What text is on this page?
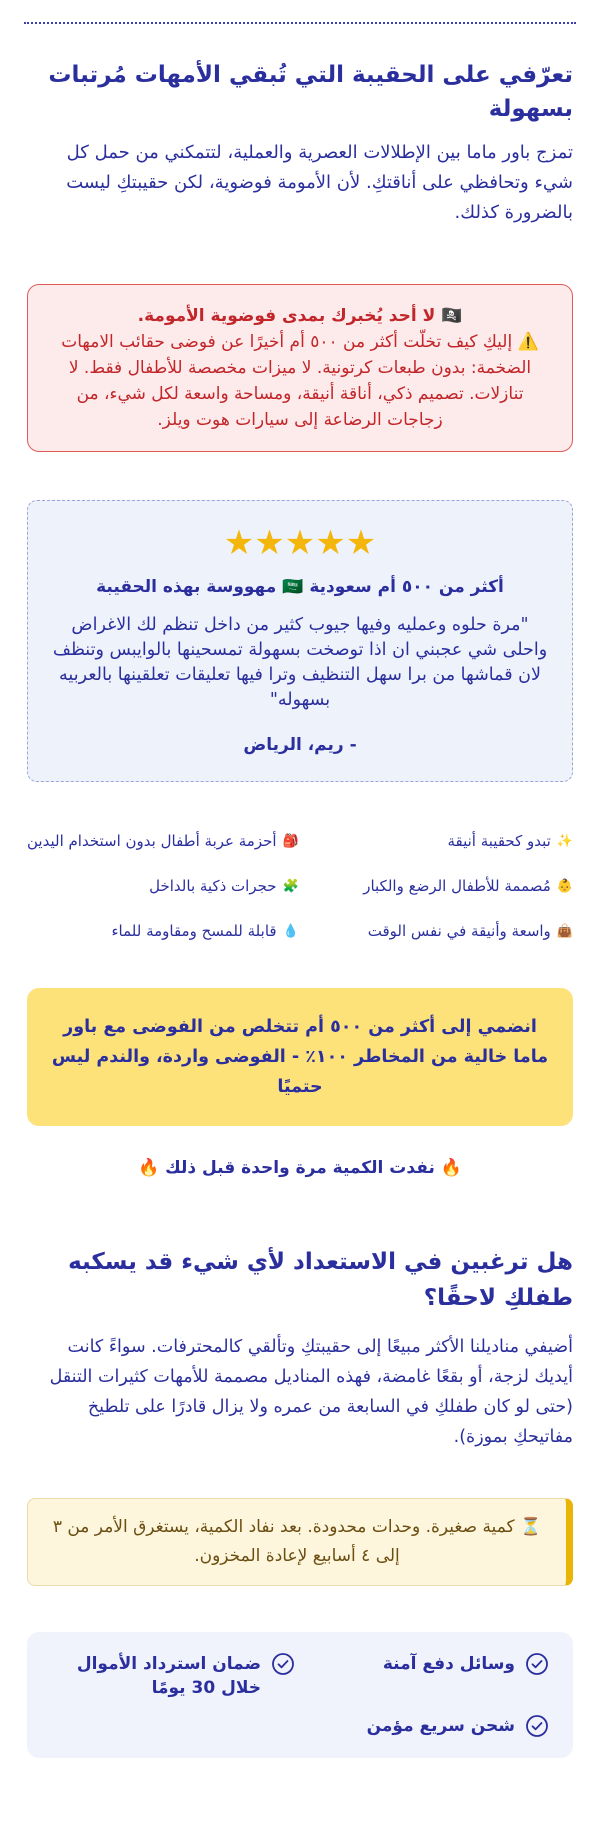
تعرّفي على الحقيبة التي تُبقي الأمهات مُرتبات بسهولة

تمزج باور ماما بين الإطلالات العصرية والعملية، لتتمكني من حمل كل شيء وتحافظي على أناقتكِ. لأن الأمومة فوضوية، لكن حقيبتكِ ليست بالضرورة كذلك.

🏴‍☠️ لا أحد يُخبرك بمدى فوضوية الأمومة.
⚠️ إليكِ كيف تخلّت أكثر من ٥٠٠ أم أخيرًا عن فوضى حقائب الامهات الضخمة: بدون طبعات كرتونية. لا ميزات مخصصة للأطفال فقط. لا تنازلات. تصميم ذكي، أناقة أنيقة، ومساحة واسعة لكل شيء، من زجاجات الرضاعة إلى سيارات هوت ويلز.
★★★★★
أكثر من ٥٠٠ أم سعودية 🇸🇦 مهووسة بهذه الحقيبة
"مرة حلوه وعمليه وفيها جيوب كثير من داخل تنظم لك الاغراض واحلى شي عجبني ان اذا توصخت بسهولة تمسحينها بالوايبس وتنظف لان قماشها من برا سهل التنظيف وترا فيها تعليقات تعلقينها بالعربيه بسهوله"
- ريم، الرياض
✨
تبدو كحقيبة أنيقة
🎒
أحزمة عربة أطفال بدون استخدام اليدين
👶
مُصممة للأطفال الرضع والكبار
🧩
حجرات ذكية بالداخل
👜
واسعة وأنيقة في نفس الوقت
💧
قابلة للمسح ومقاومة للماء
انضمي إلى أكثر من ٥٠٠ أم تتخلص من الفوضى مع باور ماما خالية من المخاطر ١٠٠٪ - الفوضى واردة، والندم ليس حتميًا
🔥 نفدت الكمية مرة واحدة قبل ذلك 🔥
هل ترغبين في الاستعداد لأي شيء قد يسكبه طفلكِ لاحقًا؟

أضيفي مناديلنا الأكثر مبيعًا إلى حقيبتكِ وتألقي كالمحترفات. سواءً كانت أيديك لزجة، أو بقعًا غامضة، فهذه المناديل مصممة للأمهات كثيرات التنقل (حتى لو كان طفلكِ في السابعة من عمره ولا يزال قادرًا على تلطيخ مفاتيحكِ بموزة).

⏳ كمية صغيرة. وحدات محدودة. بعد نفاد الكمية، يستغرق الأمر من ٣ إلى ٤ أسابيع لإعادة المخزون.
وسائل دفع آمنة
ضمان استرداد الأموال خلال 30 يومًا
شحن سريع مؤمن
